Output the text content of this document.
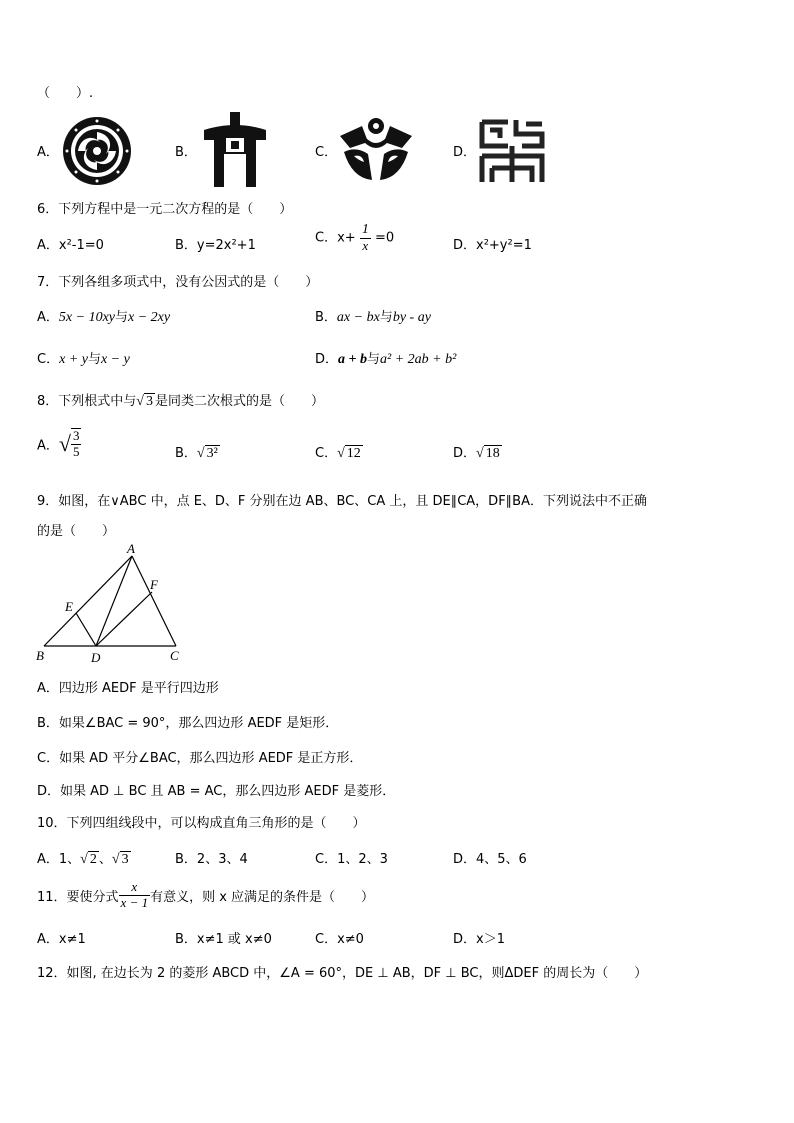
（　　）.
A．	B．	C．	D．
6．下列方程中是一元二次方程的是（　　）
A．x²-1=0	B．y=2x²+1	C．$x+ \frac{1}{x} =0$	D．x²+y²=1
7．下列各组多项式中，没有公因式的是（　　）
A．5x − 10xy与x − 2xy	B．ax − bx与by - ay
C．x + y与x − y	D．a + b与a² + 2ab + b²
8．下列根式中与√ 3 是同类二次根式的是（　　）
A．√ $\frac{3}{5}$	B．√ 3²	C．√ 12	D．√ 18
9．如图，在∨ABC 中，点 E、D、F 分别在边 AB、BC、CA 上，且 DE∥CA，DF∥BA．下列说法中不正确
的是（　　）
A
B	C
D
E
F
A．四边形 AEDF 是平行四边形
B．如果∠BAC = 90°，那么四边形 AEDF 是矩形．
C．如果 AD 平分∠BAC，那么四边形 AEDF 是正方形．
D．如果 AD ⊥ BC 且 AB = AC，那么四边形 AEDF 是菱形．
10．下列四组线段中，可以构成直角三角形的是（　　）
A．1、√ 2 、√ 3	B．2、3、4	C．1、2、3	D．4、5、6
11．要使分式 $\frac{x}{x - 1}$ 有意义，则 x 应满足的条件是（　　）
A．x≠1	B．x≠1 或 x≠0	C．x≠0	D．x＞1
12．如图, 在边长为 2 的菱形 ABCD 中，∠A = 60°，DE ⊥ AB，DF ⊥ BC，则ΔDEF 的周长为（　　）
